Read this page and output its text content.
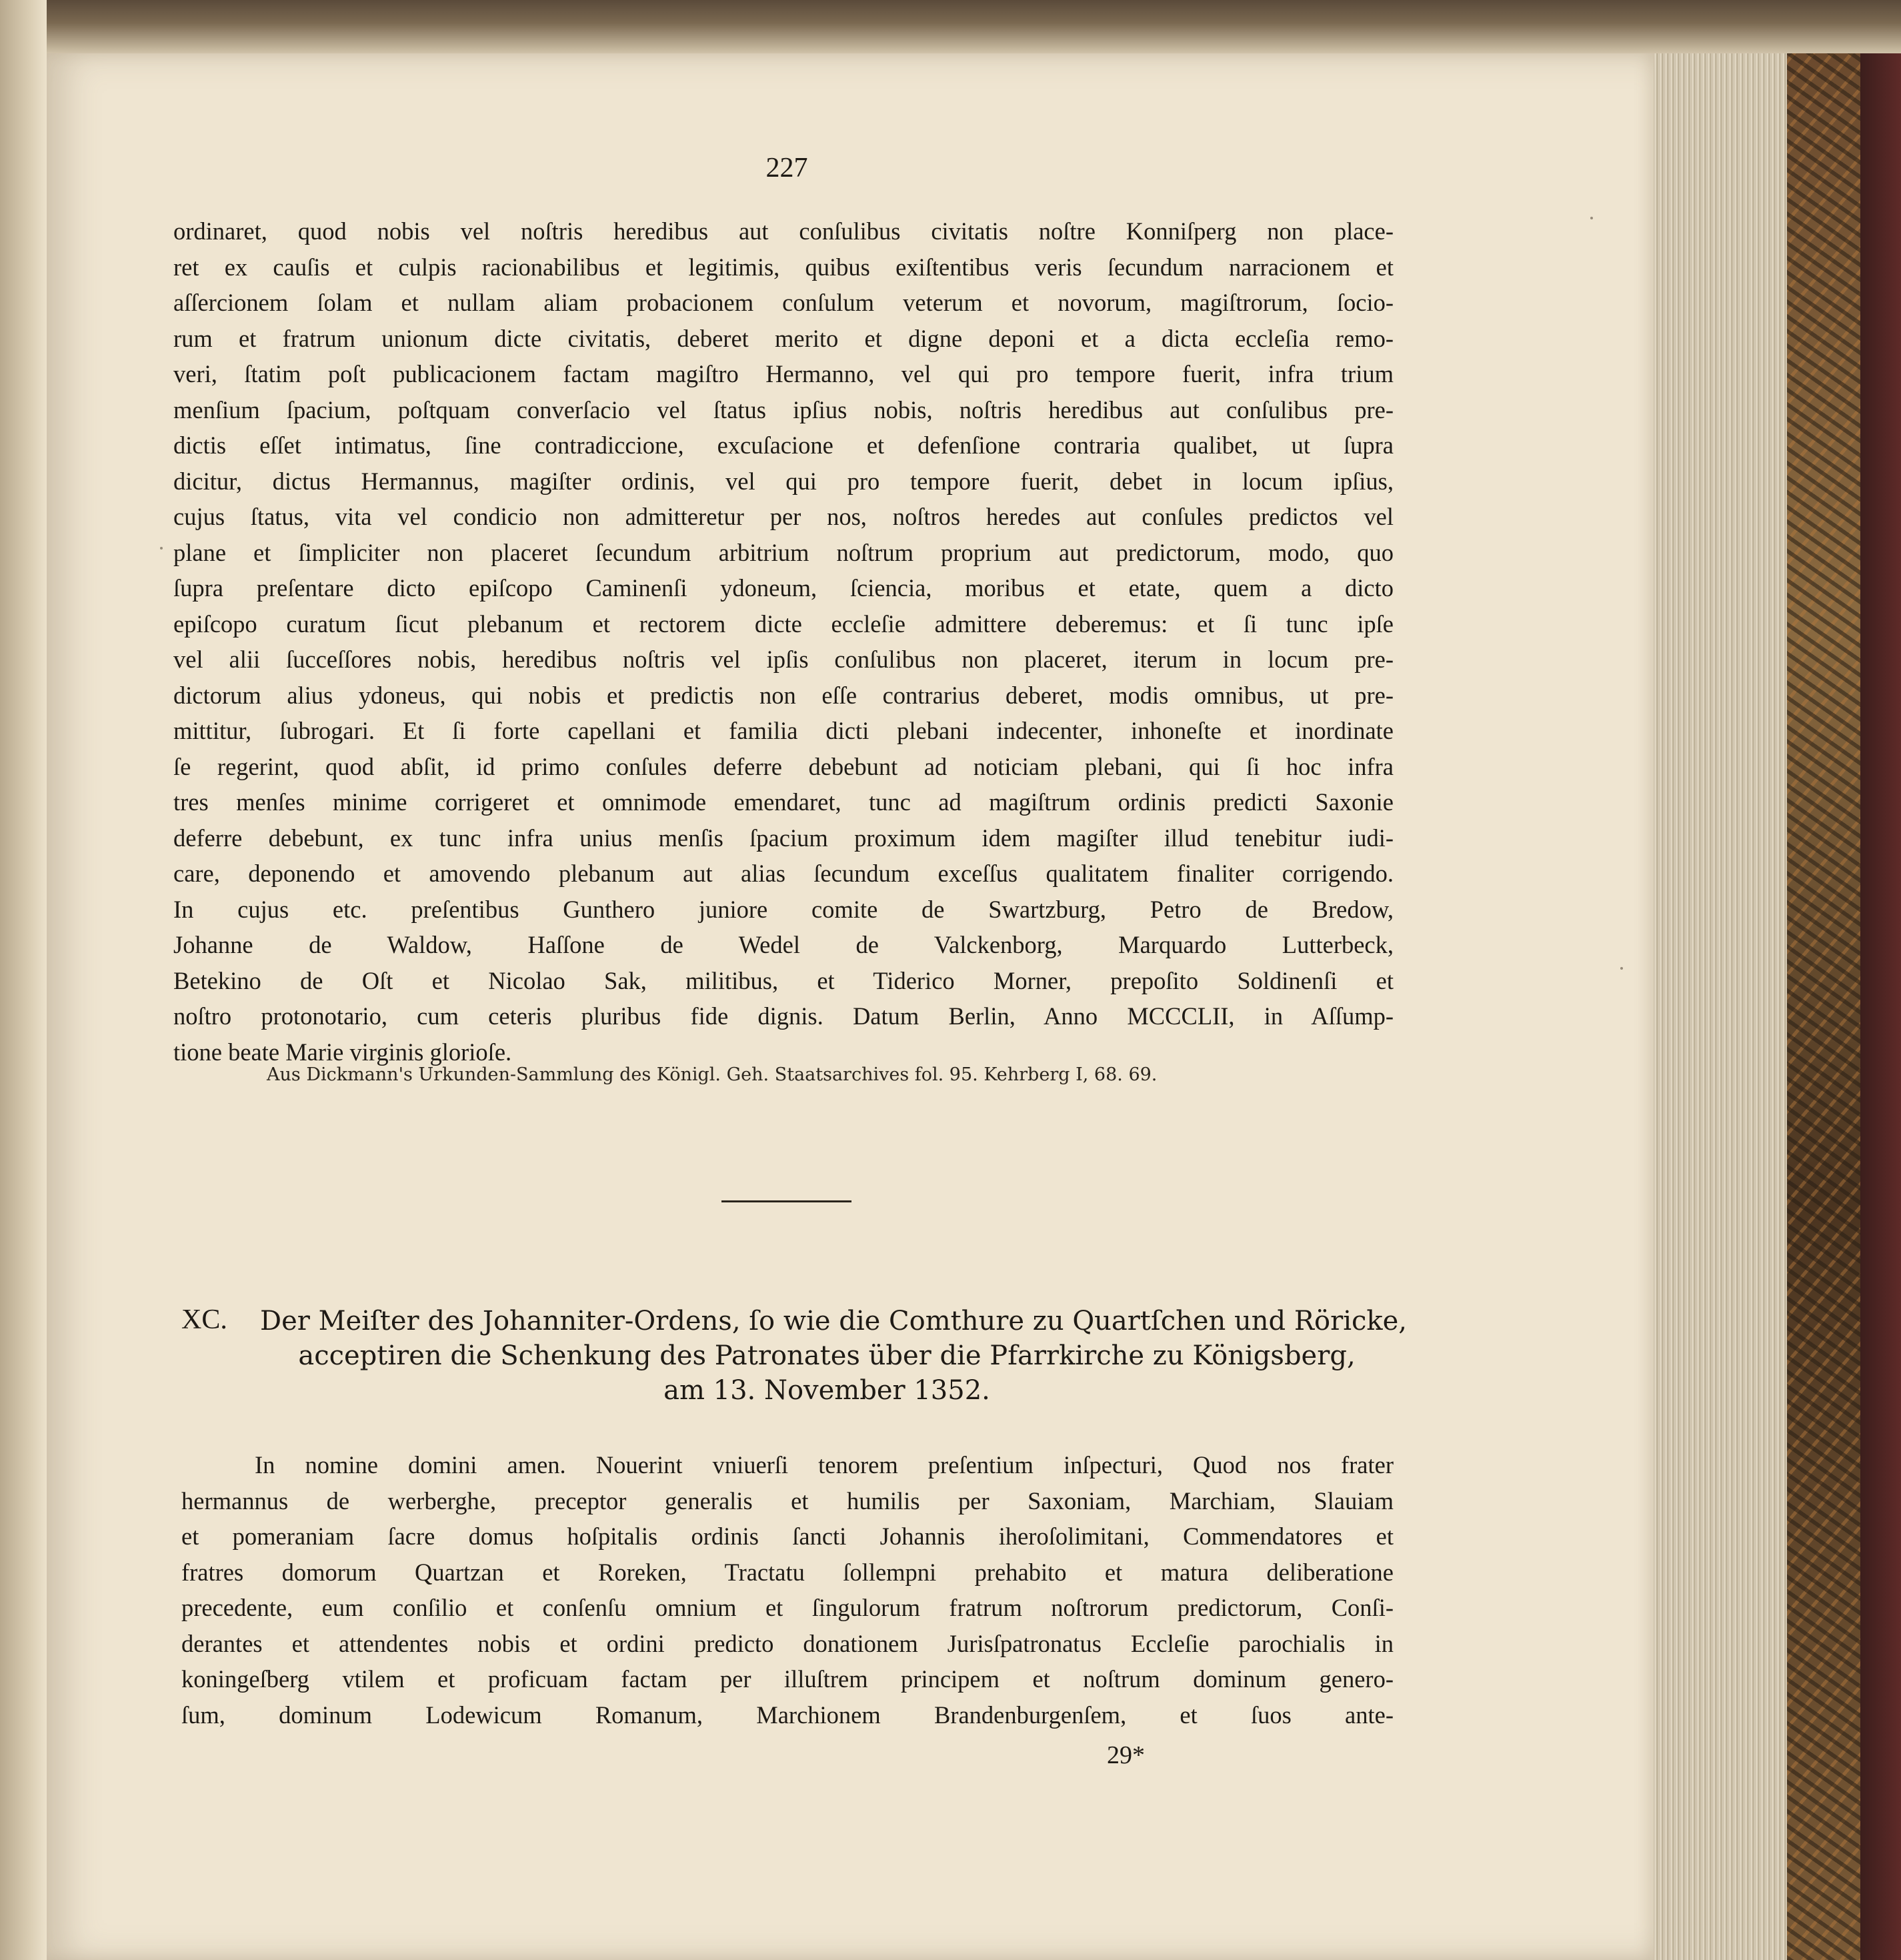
227
ordinaret, quod nobis vel noſtris heredibus aut conſulibus civitatis noſtre Konniſperg non place-
ret ex cauſis et culpis racionabilibus et legitimis, quibus exiſtentibus veris ſecundum narracionem et
aſſercionem ſolam et nullam aliam probacionem conſulum veterum et novorum, magiſtrorum, ſocio-
rum et fratrum unionum dicte civitatis, deberet merito et digne deponi et a dicta eccleſia remo-
veri, ſtatim poſt publicacionem factam magiſtro Hermanno, vel qui pro tempore fuerit, infra trium
menſium ſpacium, poſtquam converſacio vel ſtatus ipſius nobis, noſtris heredibus aut conſulibus pre-
dictis eſſet intimatus, ſine contradiccione, excuſacione et defenſione contraria qualibet, ut ſupra
dicitur, dictus Hermannus, magiſter ordinis, vel qui pro tempore fuerit, debet in locum ipſius,
cujus ſtatus, vita vel condicio non admitteretur per nos, noſtros heredes aut conſules predictos vel
plane et ſimpliciter non placeret ſecundum arbitrium noſtrum proprium aut predictorum, modo, quo
ſupra preſentare dicto epiſcopo Caminenſi ydoneum, ſciencia, moribus et etate, quem a dicto
epiſcopo curatum ſicut plebanum et rectorem dicte eccleſie admittere deberemus: et ſi tunc ipſe
vel alii ſucceſſores nobis, heredibus noſtris vel ipſis conſulibus non placeret, iterum in locum pre-
dictorum alius ydoneus, qui nobis et predictis non eſſe contrarius deberet, modis omnibus, ut pre-
mittitur, ſubrogari. Et ſi forte capellani et familia dicti plebani indecenter, inhoneſte et inordinate
ſe regerint, quod abſit, id primo conſules deferre debebunt ad noticiam plebani, qui ſi hoc infra
tres menſes minime corrigeret et omnimode emendaret, tunc ad magiſtrum ordinis predicti Saxonie
deferre debebunt, ex tunc infra unius menſis ſpacium proximum idem magiſter illud tenebitur iudi-
care, deponendo et amovendo plebanum aut alias ſecundum exceſſus qualitatem finaliter corrigendo.
In cujus etc. preſentibus Gunthero juniore comite de Swartzburg, Petro de Bredow,
Johanne de Waldow, Haſſone de Wedel de Valckenborg, Marquardo Lutterbeck,
Betekino de Oſt et Nicolao Sak, militibus, et Tiderico Morner, prepoſito Soldinenſi et
noſtro protonotario, cum ceteris pluribus fide dignis. Datum Berlin, Anno MCCCLII, in Aſſump-
tione beate Marie virginis glorioſe.
Aus Dickmann's Urkunden-Sammlung des Königl. Geh. Staatsarchives fol. 95. Kehrberg I, 68. 69.
XC. Der Meiſter des Johanniter-Ordens, ſo wie die Comthure zu Quartſchen und Röricke,
acceptiren die Schenkung des Patronates über die Pfarrkirche zu Königsberg,
am 13. November 1352.
In nomine domini amen. Nouerint vniuerſi tenorem preſentium inſpecturi, Quod nos frater
hermannus de werberghe, preceptor generalis et humilis per Saxoniam, Marchiam, Slauiam
et pomeraniam ſacre domus hoſpitalis ordinis ſancti Johannis iheroſolimitani, Commendatores et
fratres domorum Quartzan et Roreken, Tractatu ſollempni prehabito et matura deliberatione
precedente, eum conſilio et conſenſu omnium et ſingulorum fratrum noſtrorum predictorum, Conſi-
derantes et attendentes nobis et ordini predicto donationem Jurisſpatronatus Eccleſie parochialis in
koningeſberg vtilem et proficuam factam per illuſtrem principem et noſtrum dominum genero-
ſum, dominum Lodewicum Romanum, Marchionem Brandenburgenſem, et ſuos ante-
29*
